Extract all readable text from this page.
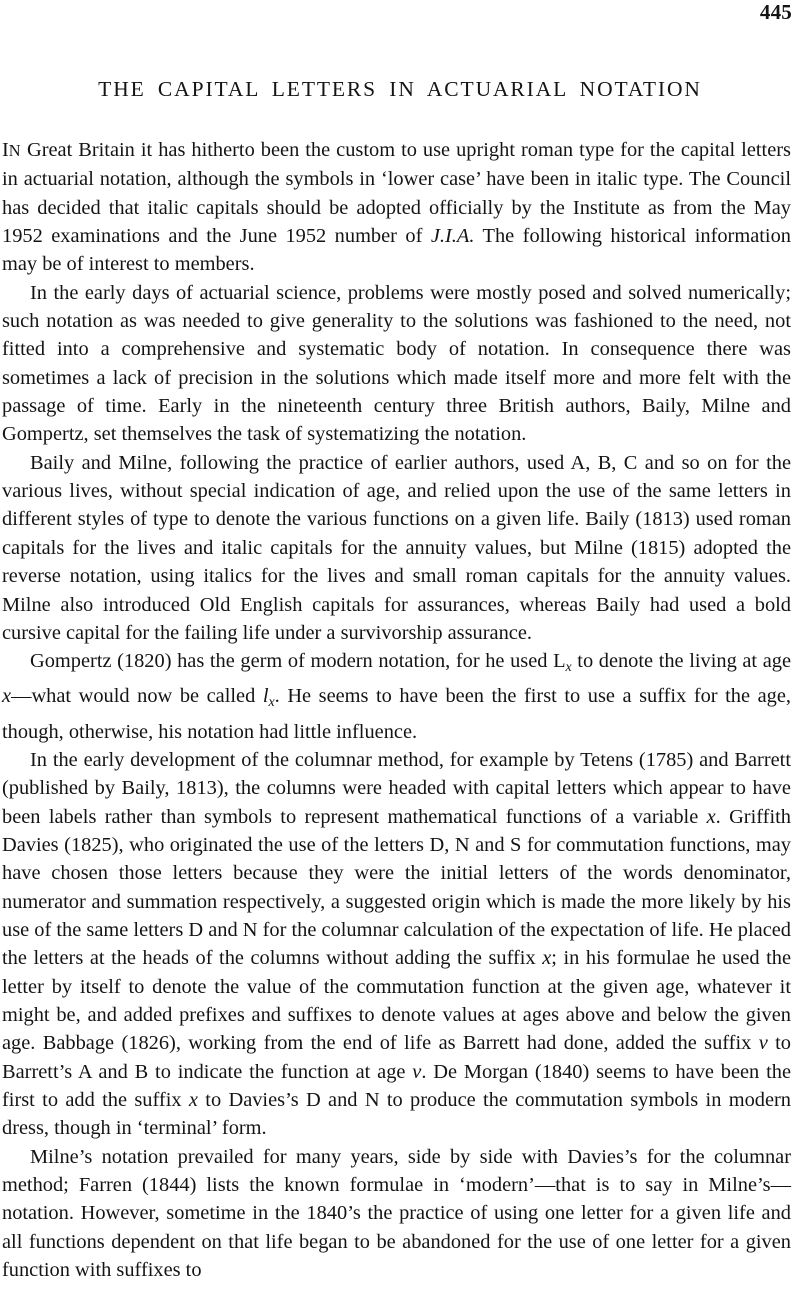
445
THE CAPITAL LETTERS IN ACTUARIAL NOTATION

IN Great Britain it has hitherto been the custom to use upright roman type for the capital letters in actuarial notation, although the symbols in ‘lower case’ have been in italic type. The Council has decided that italic capitals should be adopted officially by the Institute as from the May 1952 examinations and the June 1952 number of J.I.A. The following historical information may be of interest to members.

In the early days of actuarial science, problems were mostly posed and solved numerically; such notation as was needed to give generality to the solutions was fashioned to the need, not fitted into a comprehensive and systematic body of notation. In consequence there was sometimes a lack of precision in the solutions which made itself more and more felt with the passage of time. Early in the nineteenth century three British authors, Baily, Milne and Gompertz, set themselves the task of systematizing the notation.

Baily and Milne, following the practice of earlier authors, used A, B, C and so on for the various lives, without special indication of age, and relied upon the use of the same letters in different styles of type to denote the various functions on a given life. Baily (1813) used roman capitals for the lives and italic capitals for the annuity values, but Milne (1815) adopted the reverse notation, using italics for the lives and small roman capitals for the annuity values. Milne also introduced Old English capitals for assurances, whereas Baily had used a bold cursive capital for the failing life under a survivorship assurance.

Gompertz (1820) has the germ of modern notation, for he used $L_x$ to denote the living at age x—what would now be called $l_x$. He seems to have been the first to use a suffix for the age, though, otherwise, his notation had little influence.

In the early development of the columnar method, for example by Tetens (1785) and Barrett (published by Baily, 1813), the columns were headed with capital letters which appear to have been labels rather than symbols to represent mathematical functions of a variable x. Griffith Davies (1825), who originated the use of the letters D, N and S for commutation functions, may have chosen those letters because they were the initial letters of the words denominator, numerator and summation respectively, a suggested origin which is made the more likely by his use of the same letters D and N for the columnar calculation of the expectation of life. He placed the letters at the heads of the columns without adding the suffix x; in his formulae he used the letter by itself to denote the value of the commutation function at the given age, whatever it might be, and added prefixes and suffixes to denote values at ages above and below the given age. Babbage (1826), working from the end of life as Barrett had done, added the suffix v to Barrett’s A and B to indicate the function at age v. De Morgan (1840) seems to have been the first to add the suffix x to Davies’s D and N to produce the commutation symbols in modern dress, though in ‘terminal’ form.

Milne’s notation prevailed for many years, side by side with Davies’s for the columnar method; Farren (1844) lists the known formulae in ‘modern’—that is to say in Milne’s—notation. However, sometime in the 1840’s the practice of using one letter for a given life and all functions dependent on that life began to be abandoned for the use of one letter for a given function with suffixes to
